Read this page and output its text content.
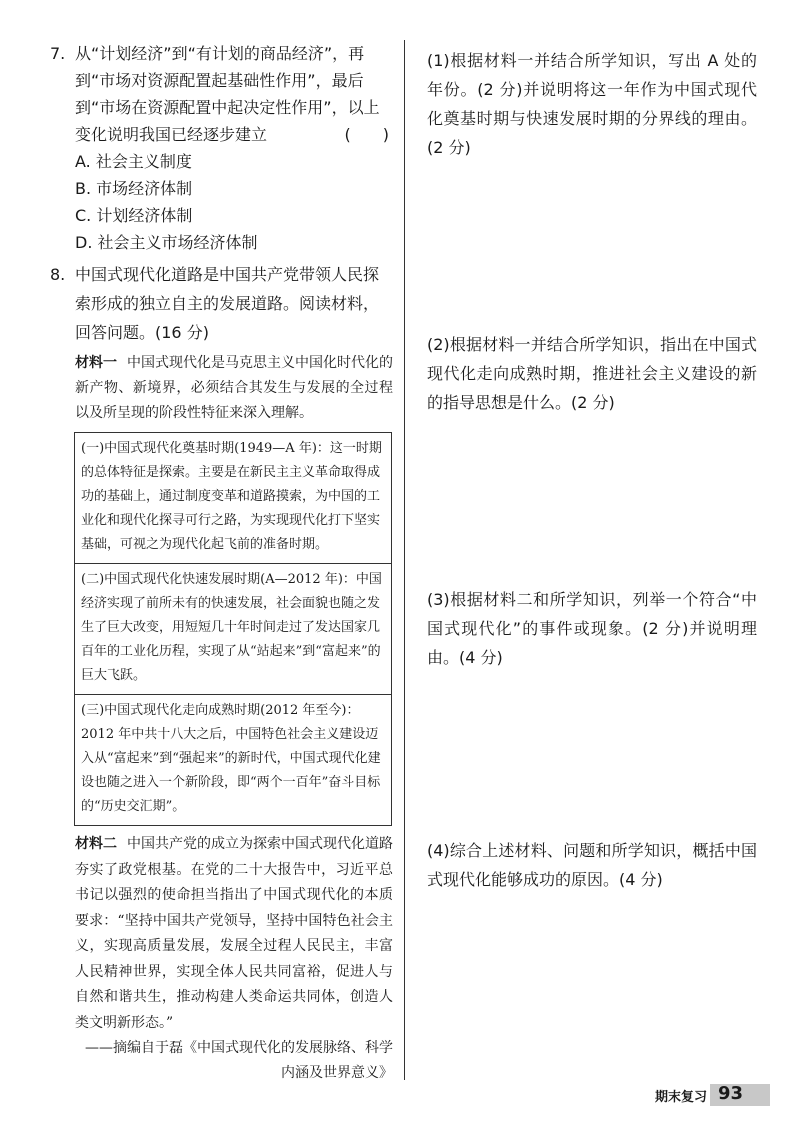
7. 从“计划经济”到“有计划的商品经济”，再到“市场对资源配置起基础性作用”，最后到“市场在资源配置中起决定性作用”，以上变化说明我国已经逐步建立	(　　)
A. 社会主义制度
B. 市场经济体制
C. 计划经济体制
D. 社会主义市场经济体制
8. 中国式现代化道路是中国共产党带领人民探索形成的独立自主的发展道路。阅读材料，回答问题。(16 分)
材料一 中国式现代化是马克思主义中国化时代化的新产物、新境界，必须结合其发生与发展的全过程以及所呈现的阶段性特征来深入理解。
(一)中国式现代化奠基时期(1949—A 年)：这一时期的总体特征是探索。主要是在新民主主义革命取得成功的基础上，通过制度变革和道路摸索，为中国的工业化和现代化探寻可行之路，为实现现代化打下坚实基础，可视之为现代化起飞前的准备时期。
(二)中国式现代化快速发展时期(A—2012 年)：中国经济实现了前所未有的快速发展，社会面貌也随之发生了巨大改变，用短短几十年时间走过了发达国家几百年的工业化历程，实现了从“站起来”到“富起来”的巨大飞跃。
(三)中国式现代化走向成熟时期(2012 年至今)：2012 年中共十八大之后，中国特色社会主义建设迈入从“富起来”到“强起来”的新时代，中国式现代化建设也随之进入一个新阶段，即“两个一百年”奋斗目标的“历史交汇期”。
材料二 中国共产党的成立为探索中国式现代化道路夯实了政党根基。在党的二十大报告中，习近平总书记以强烈的使命担当指出了中国式现代化的本质要求：“坚持中国共产党领导，坚持中国特色社会主义，实现高质量发展，发展全过程人民民主，丰富人民精神世界，实现全体人民共同富裕，促进人与自然和谐共生，推动构建人类命运共同体，创造人类文明新形态。”
——摘编自于磊《中国式现代化的发展脉络、科学内涵及世界意义》
(1)根据材料一并结合所学知识，写出 A 处的年份。(2 分)并说明将这一年作为中国式现代化奠基时期与快速发展时期的分界线的理由。(2 分)
(2)根据材料一并结合所学知识，指出在中国式现代化走向成熟时期，推进社会主义建设的新的指导思想是什么。(2 分)
(3)根据材料二和所学知识，列举一个符合“中国式现代化”的事件或现象。(2 分)并说明理由。(4 分)
(4)综合上述材料、问题和所学知识，概括中国式现代化能够成功的原因。(4 分)
期末复习 93
